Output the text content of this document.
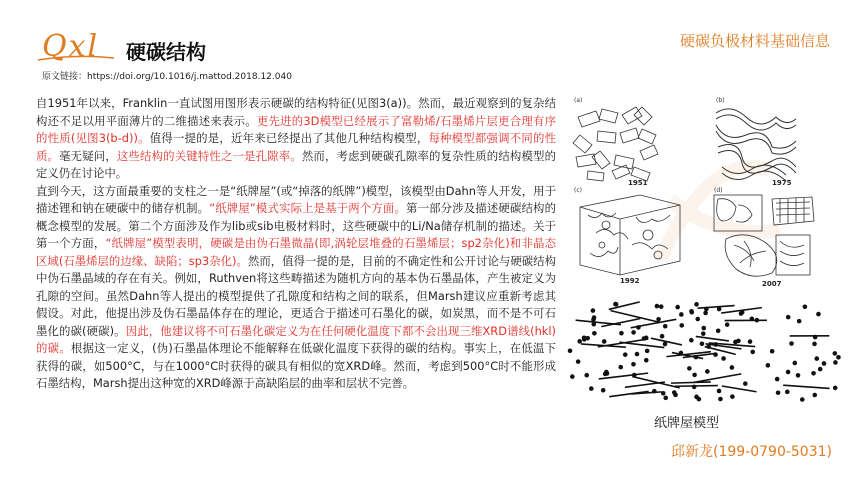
Qxl 硬碳结构	硬碳负极材料基础信息
原文链接：https://doi.org/10.1016/j.mattod.2018.12.040

自1951年以来，Franklin一直试图用图形表示硬碳的结构特征(见图3(a))。然而，最近观察到的复杂结构还不足以用平面薄片的二维描述来表示。更先进的3D模型已经展示了富勒烯/石墨烯片层更合理有序的性质(见图3(b-d))。值得一提的是，近年来已经提出了其他几种结构模型，每种模型都强调不同的性质。毫无疑问，这些结构的关键特性之一是孔隙率。然而，考虑到硬碳孔隙率的复杂性质的结构模型的定义仍在讨论中。

直到今天，这方面最重要的支柱之一是“纸牌屋”(或“掉落的纸牌”)模型，该模型由Dahn等人开发，用于描述锂和钠在硬碳中的储存机制。“纸牌屋”模式实际上是基于两个方面。第一部分涉及描述硬碳结构的概念模型的发展。第二个方面涉及作为lib或sib电极材料时，这些硬碳中的Li/Na储存机制的描述。关于第一个方面，“纸牌屋”模型表明，硬碳是由伪石墨微晶(即,涡轮层堆叠的石墨烯层；sp2杂化)和非晶态区域(石墨烯层的边缘、缺陷；sp3杂化)。然而，值得一提的是，目前的不确定性和公开讨论与硬碳结构中伪石墨晶域的存在有关。例如，Ruthven将这些畴描述为随机方向的基本伪石墨晶体，产生被定义为孔隙的空间。虽然Dahn等人提出的模型提供了孔隙度和结构之间的联系，但Marsh建议应重新考虑其假设。对此，他提出涉及伪石墨晶体存在的理论，更适合于描述可石墨化的碳，如炭黑，而不是不可石墨化的碳(硬碳)。因此，他建议将不可石墨化碳定义为在任何硬化温度下都不会出现三维XRD谱线(hkl)的碳。根据这一定义，(伪)石墨晶体理论不能解释在低碳化温度下获得的碳的结构。事实上，在低温下获得的碳，如500°C，与在1000°C时获得的碳具有相似的宽XRD峰。然而，考虑到500°C时不能形成石墨结构，Marsh提出这种宽的XRD峰源于高缺陷层的曲率和层状不完善。

(a)	(b)
(c)	(d)
1951	1975
1992	2007
纸牌屋模型
邱新龙(199-0790-5031)
